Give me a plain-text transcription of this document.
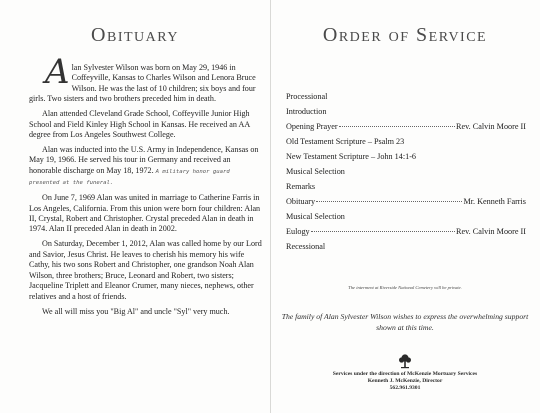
Obituary

Alan Sylvester Wilson was born on May 29, 1946 in Coffeyville, Kansas to Charles Wilson and Lenora Bruce Wilson. He was the last of 10 children; six boys and four girls. Two sisters and two brothers preceded him in death.

Alan attended Cleveland Grade School, Coffeyville Junior High School and Field Kinley High School in Kansas. He received an AA degree from Los Angeles Southwest College.

Alan was inducted into the U.S. Army in Independence, Kansas on May 19, 1966. He served his tour in Germany and received an honorable discharge on May 18, 1972. A military honor guard presented at the funeral.

On June 7, 1969 Alan was united in marriage to Catherine Farris in Los Angeles, California. From this union were born four children: Alan II, Crystal, Robert and Christopher. Crystal preceded Alan in death in 1974. Alan II preceded Alan in death in 2002.

On Saturday, December 1, 2012, Alan was called home by our Lord and Savior, Jesus Christ. He leaves to cherish his memory his wife Cathy, his two sons Robert and Christopher, one grandson Noah Alan Wilson, three brothers; Bruce, Leonard and Robert, two sisters; Jacqueline Triplett and Eleanor Crumer, many nieces, nephews, other relatives and a host of friends.

We all will miss you "Big Al" and uncle "Syl" very much.

Order of Service
Processional
Introduction
Opening Prayer	Rev. Calvin Moore II
Old Testament Scripture – Psalm 23
New Testament Scripture – John 14:1-6
Musical Selection
Remarks
Obituary	Mr. Kenneth Farris
Musical Selection
Eulogy	Rev. Calvin Moore II
Recessional
The interment at Riverside National Cemetery will be private.
The family of Alan Sylvester Wilson wishes to express the overwhelming support shown at this time.
Services under the direction of McKenzie Mortuary Services
Kenneth J. McKenzie, Director
562.961.9301
